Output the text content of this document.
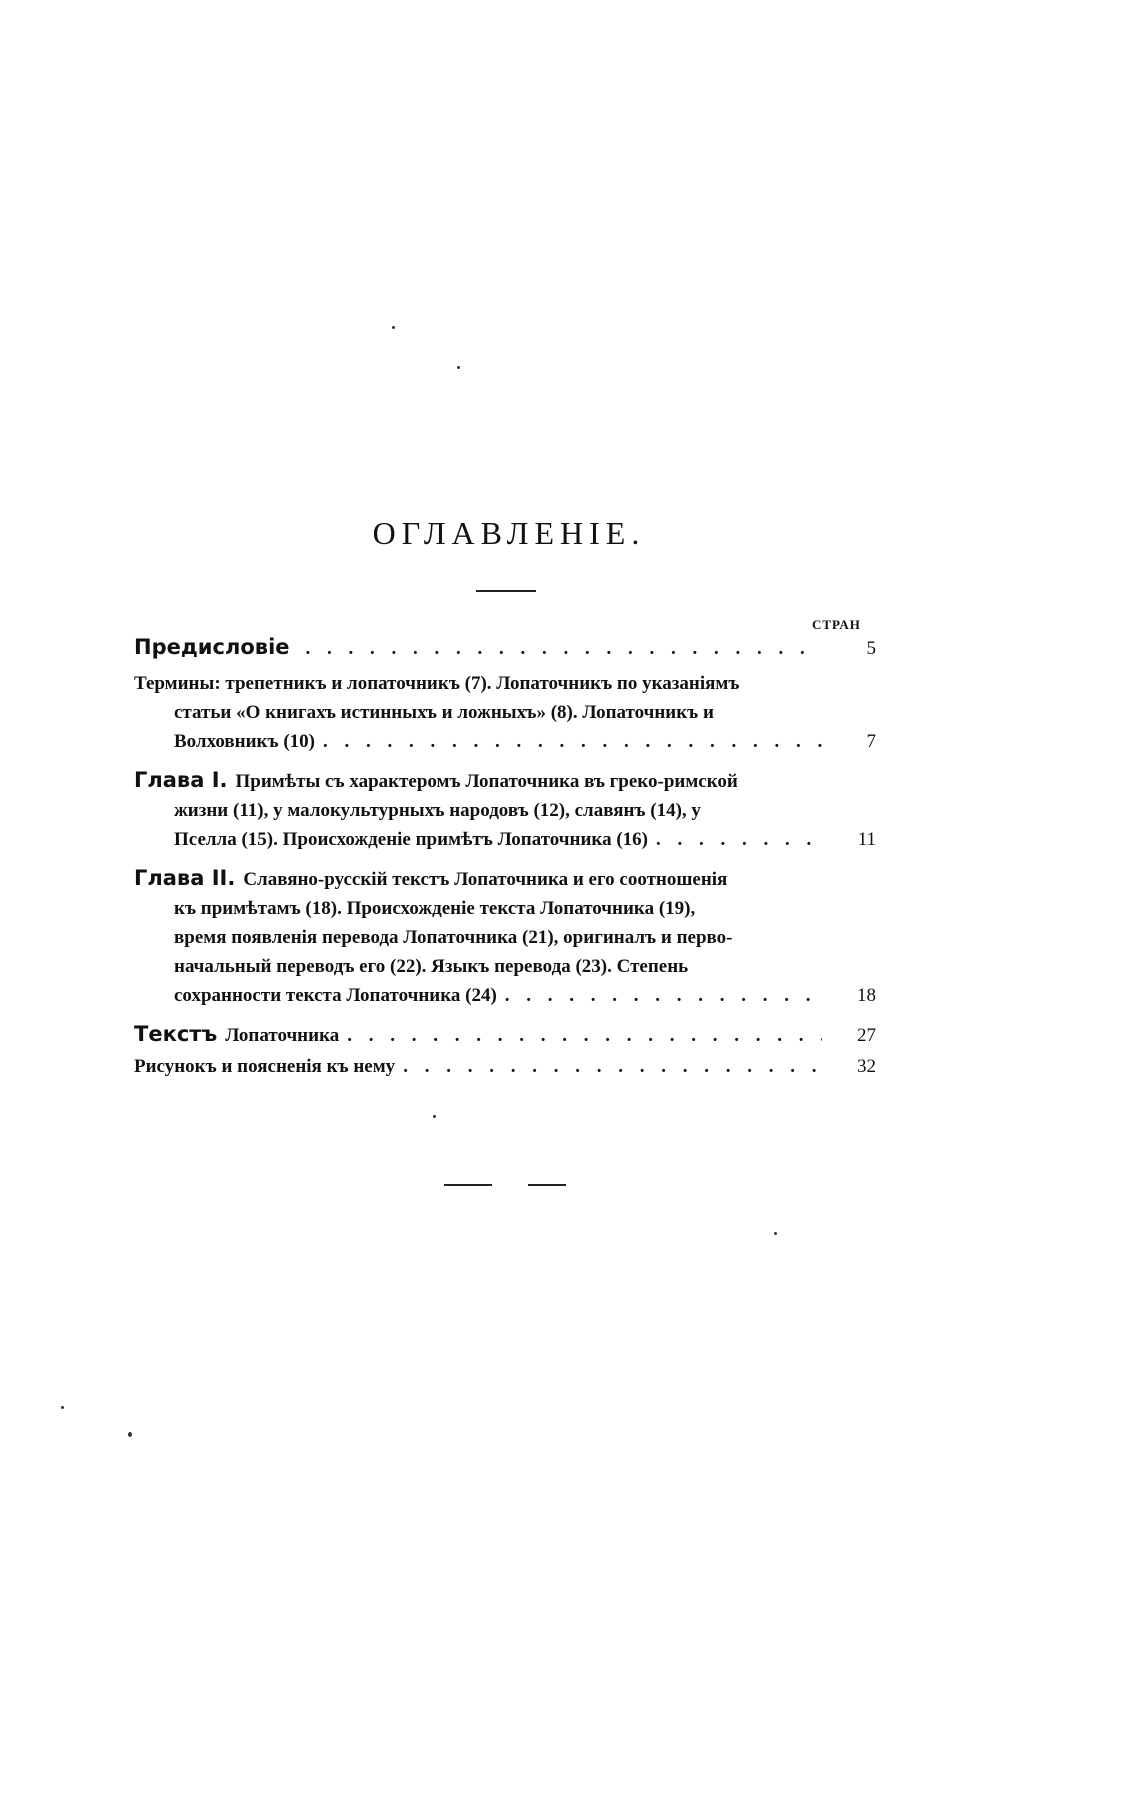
ОГЛАВЛЕНІЕ.
СТРАН
Предисловіе . . .	5
Термины: трепетникъ и лопаточникъ (7). Лопаточникъ по указаніямъ
статьи «О книгахъ истинныхъ и ложныхъ» (8). Лопаточникъ и
Волховникъ (10) . . .	7
Глава I. Примѣты съ характеромъ Лопаточника въ греко-римской
жизни (11), у малокультурныхъ народовъ (12), славянъ (14), у
Пселла (15). Происхожденіе примѣтъ Лопаточника (16) . . .	11
Глава II. Славяно-русскій текстъ Лопаточника и его соотношенія
къ примѣтамъ (18). Происхожденіе текста Лопаточника (19),
время появленія перевода Лопаточника (21), оригиналъ и перво-
начальный переводъ его (22). Языкъ перевода (23). Степень
сохранности текста Лопаточника (24) . . .	18
Текстъ Лопаточника . . .	27
Рисунокъ и поясненія къ нему . . .	32
